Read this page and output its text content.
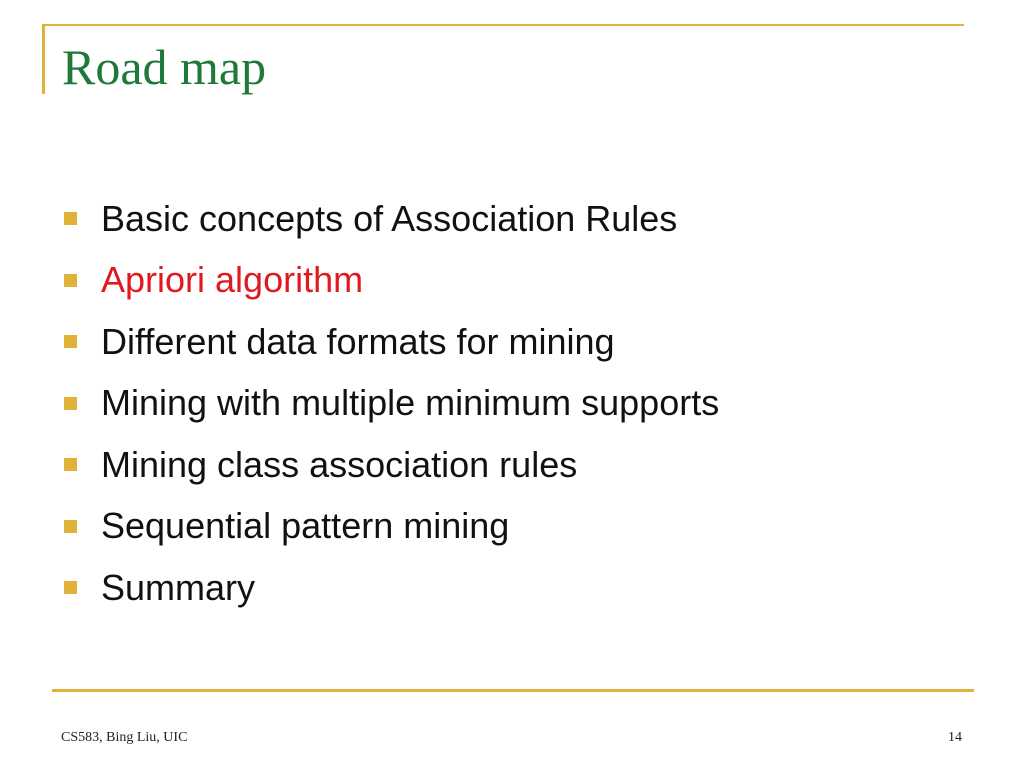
Road map
Basic concepts of Association Rules
Apriori algorithm
Different data formats for mining
Mining with multiple minimum supports
Mining class association rules
Sequential pattern mining
Summary
CS583, Bing Liu, UIC	14
